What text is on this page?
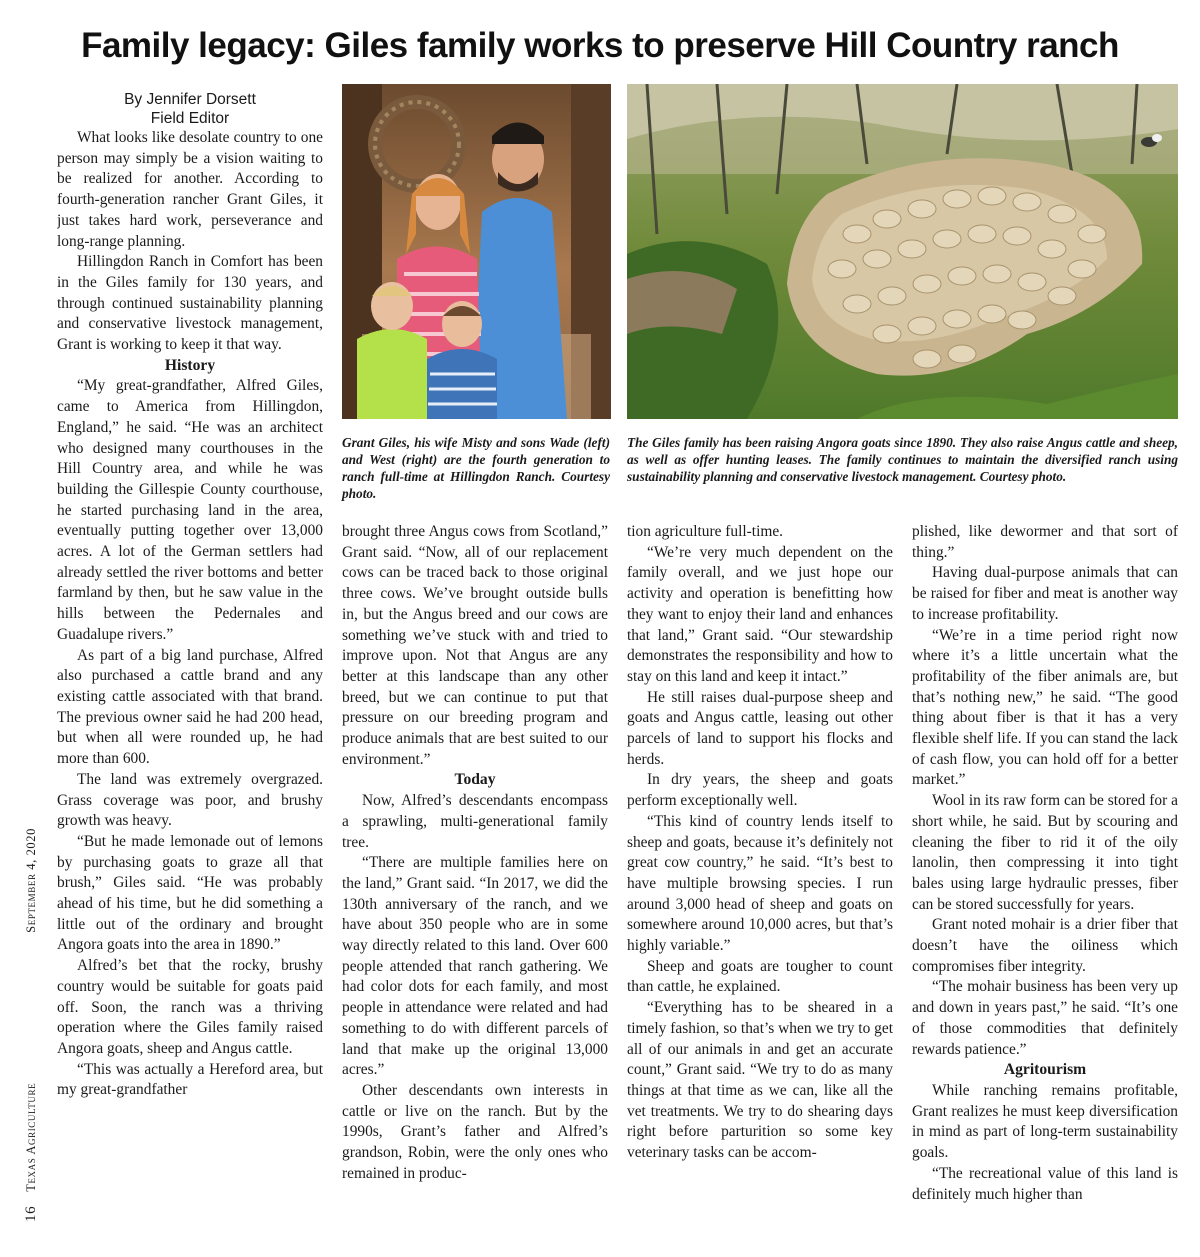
Family legacy: Giles family works to preserve Hill Country ranch
By Jennifer Dorsett
Field Editor

What looks like desolate country to one person may simply be a vision waiting to be realized for another. According to fourth-generation rancher Grant Giles, it just takes hard work, perseverance and long-range planning.

Hillingdon Ranch in Comfort has been in the Giles family for 130 years, and through continued sustainability planning and conservative livestock management, Grant is working to keep it that way.

History

“My great-grandfather, Alfred Giles, came to America from Hillingdon, England,” he said. “He was an architect who designed many courthouses in the Hill Country area, and while he was building the Gillespie County courthouse, he started purchasing land in the area, eventually putting together over 13,000 acres. A lot of the German settlers had already settled the river bottoms and better farmland by then, but he saw value in the hills between the Pedernales and Guadalupe rivers.”

As part of a big land purchase, Alfred also purchased a cattle brand and any existing cattle associated with that brand. The previous owner said he had 200 head, but when all were rounded up, he had more than 600.

The land was extremely overgrazed. Grass coverage was poor, and brushy growth was heavy.

“But he made lemonade out of lemons by purchasing goats to graze all that brush,” Giles said. “He was probably ahead of his time, but he did something a little out of the ordinary and brought Angora goats into the area in 1890.”

Alfred’s bet that the rocky, brushy country would be suitable for goats paid off. Soon, the ranch was a thriving operation where the Giles family raised Angora goats, sheep and Angus cattle.

“This was actually a Hereford area, but my great-grandfather

Grant Giles, his wife Misty and sons Wade (left) and West (right) are the fourth generation to ranch full-time at Hillingdon Ranch. Courtesy photo.

The Giles family has been raising Angora goats since 1890. They also raise Angus cattle and sheep, as well as offer hunting leases. The family continues to maintain the diversified ranch using sustainability planning and conservative livestock management. Courtesy photo.

brought three Angus cows from Scotland,” Grant said. “Now, all of our replacement cows can be traced back to those original three cows. We’ve brought outside bulls in, but the Angus breed and our cows are something we’ve stuck with and tried to improve upon. Not that Angus are any better at this landscape than any other breed, but we can continue to put that pressure on our breeding program and produce animals that are best suited to our environment.”

Today

Now, Alfred’s descendants encompass a sprawling, multi-generational family tree.

“There are multiple families here on the land,” Grant said. “In 2017, we did the 130th anniversary of the ranch, and we have about 350 people who are in some way directly related to this land. Over 600 people attended that ranch gathering. We had color dots for each family, and most people in attendance were related and had something to do with different parcels of land that make up the original 13,000 acres.”

Other descendants own interests in cattle or live on the ranch. But by the 1990s, Grant’s father and Alfred’s grandson, Robin, were the only ones who remained in produc-

tion agriculture full-time.

“We’re very much dependent on the family overall, and we just hope our activity and operation is benefitting how they want to enjoy their land and enhances that land,” Grant said. “Our stewardship demonstrates the responsibility and how to stay on this land and keep it intact.”

He still raises dual-purpose sheep and goats and Angus cattle, leasing out other parcels of land to support his flocks and herds.

In dry years, the sheep and goats perform exceptionally well.

“This kind of country lends itself to sheep and goats, because it’s definitely not great cow country,” he said. “It’s best to have multiple browsing species. I run around 3,000 head of sheep and goats on somewhere around 10,000 acres, but that’s highly variable.”

Sheep and goats are tougher to count than cattle, he explained.

“Everything has to be sheared in a timely fashion, so that’s when we try to get all of our animals in and get an accurate count,” Grant said. “We try to do as many things at that time as we can, like all the vet treatments. We try to do shearing days right before parturition so some key veterinary tasks can be accom-

plished, like dewormer and that sort of thing.”

Having dual-purpose animals that can be raised for fiber and meat is another way to increase profitability.

“We’re in a time period right now where it’s a little uncertain what the profitability of the fiber animals are, but that’s nothing new,” he said. “The good thing about fiber is that it has a very flexible shelf life. If you can stand the lack of cash flow, you can hold off for a better market.”

Wool in its raw form can be stored for a short while, he said. But by scouring and cleaning the fiber to rid it of the oily lanolin, then compressing it into tight bales using large hydraulic presses, fiber can be stored successfully for years.

Grant noted mohair is a drier fiber that doesn’t have the oiliness which compromises fiber integrity.

“The mohair business has been very up and down in years past,” he said. “It’s one of those commodities that definitely rewards patience.”

Agritourism

While ranching remains profitable, Grant realizes he must keep diversification in mind as part of long-term sustainability goals.

“The recreational value of this land is definitely much higher than

16Texas AgricultureSeptember 4, 2020
